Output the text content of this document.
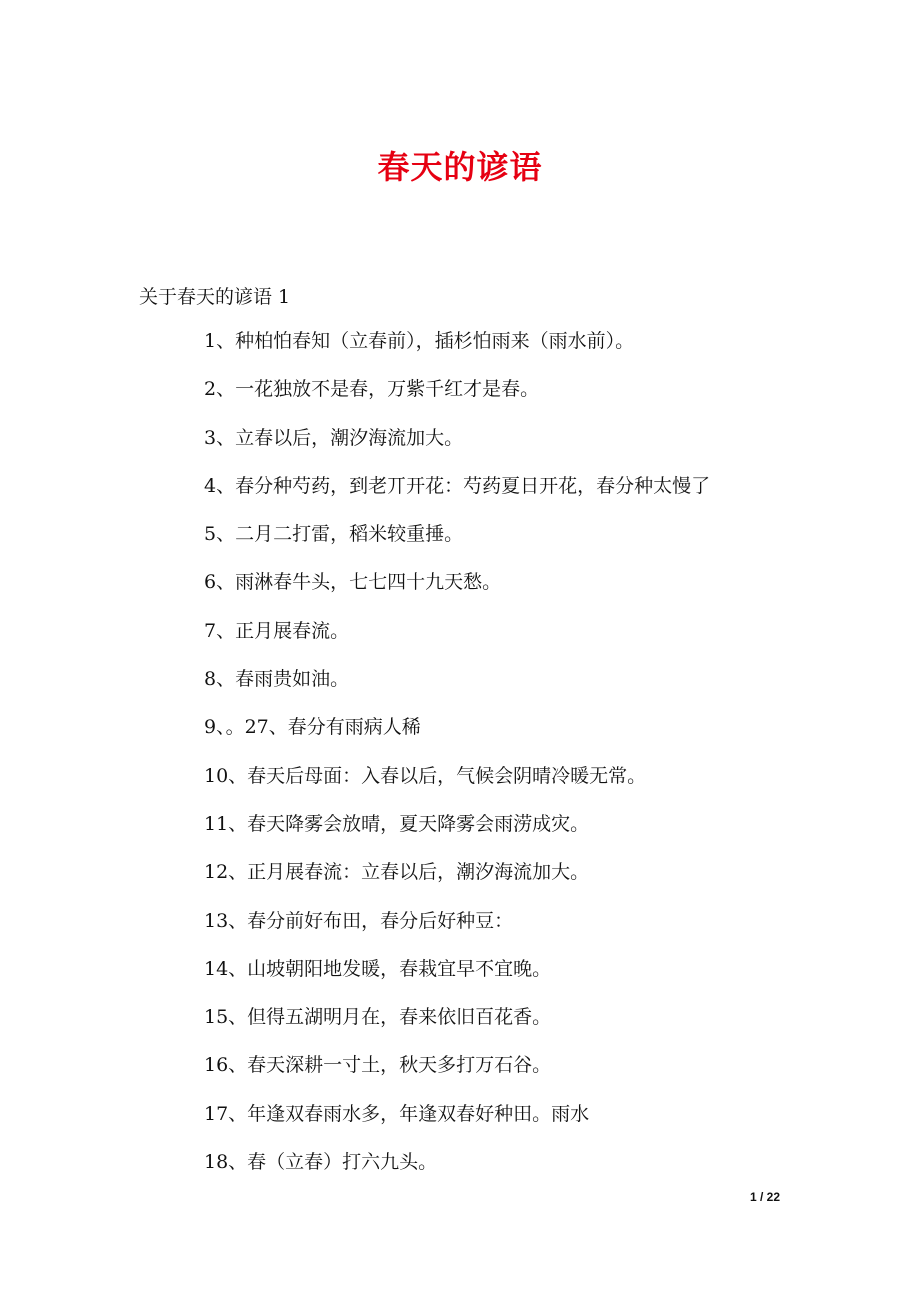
春天的谚语
关于春天的谚语 1
1、种柏怕春知（立春前），插杉怕雨来（雨水前）。
2、一花独放不是春，万紫千红才是春。
3、立春以后，潮汐海流加大。
4、春分种芍药，到老丌开花：芍药夏日开花，春分种太慢了
5、二月二打雷，稻米较重捶。
6、雨淋春牛头，七七四十九天愁。
7、正月展春流。
8、春雨贵如油。
9、。27、春分有雨病人稀
10、春天后母面：入春以后，气候会阴晴冷暖无常。
11、春天降雾会放晴，夏天降雾会雨涝成灾。
12、正月展春流：立春以后，潮汐海流加大。
13、春分前好布田，春分后好种豆：
14、山坡朝阳地发暖，春栽宜早不宜晚。
15、但得五湖明月在，春来依旧百花香。
16、春天深耕一寸土，秋天多打万石谷。
17、年逢双春雨水多，年逢双春好种田。雨水
18、春（立春）打六九头。
1 / 22
